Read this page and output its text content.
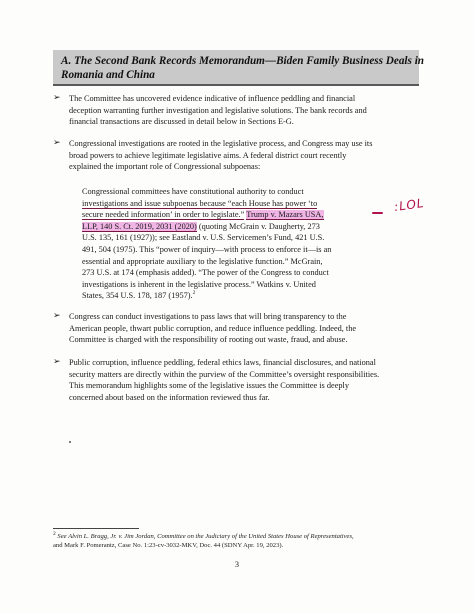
A. The Second Bank Records Memorandum—Biden Family Business Deals in
Romania and China
➢ The Committee has uncovered evidence indicative of influence peddling and financial
deception warranting further investigation and legislative solutions. The bank records and
financial transactions are discussed in detail below in Sections E-G.
➢ Congressional investigations are rooted in the legislative process, and Congress may use its
broad powers to achieve legitimate legislative aims. A federal district court recently
explained the important role of Congressional subpoenas:
Congressional committees have constitutional authority to conduct
investigations and issue subpoenas because “each House has power ‘to
secure needed information’ in order to legislate.” Trump v. Mazars USA,
LLP, 140 S. Ct. 2019, 2031 (2020) (quoting McGrain v. Daugherty, 273
U.S. 135, 161 (1927)); see Eastland v. U.S. Servicemen’s Fund, 421 U.S.
491, 504 (1975). This “power of inquiry—with process to enforce it—is an
essential and appropriate auxiliary to the legislative function.” McGrain,
273 U.S. at 174 (emphasis added). “The power of the Congress to conduct
investigations is inherent in the legislative process.” Watkins v. United
States, 354 U.S. 178, 187 (1957).$^2$
:LOL
➢ Congress can conduct investigations to pass laws that will bring transparency to the
American people, thwart public corruption, and reduce influence peddling. Indeed, the
Committee is charged with the responsibility of rooting out waste, fraud, and abuse.
➢ Public corruption, influence peddling, federal ethics laws, financial disclosures, and national
security matters are directly within the purview of the Committee’s oversight responsibilities.
This memorandum highlights some of the legislative issues the Committee is deeply
concerned about based on the information reviewed thus far.
$^2$ See Alvin L. Bragg, Jr. v. Jim Jordan, Committee on the Judiciary of the United States House of Representatives,
and Mark F. Pomerantz, Case No. 1:23-cv-3032-MKV, Doc. 44 (SDNY Apr. 19, 2023).
3
